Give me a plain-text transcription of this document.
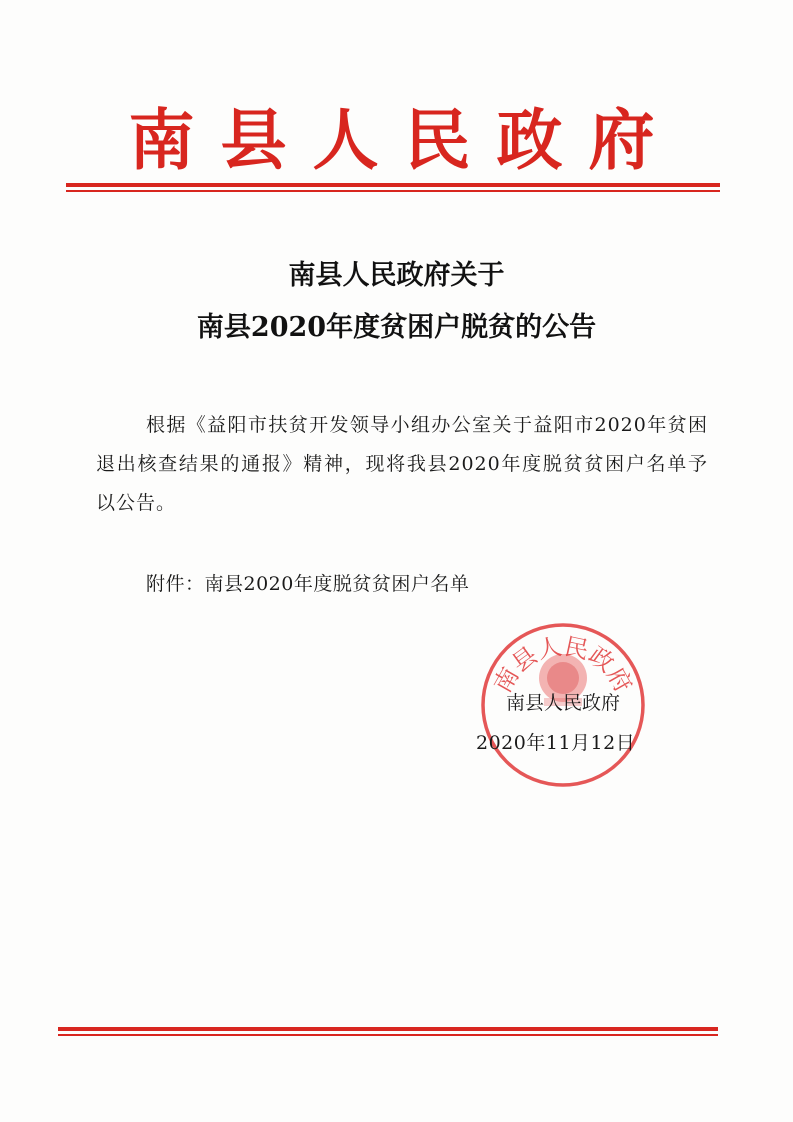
南县人民政府
南县人民政府关于
南县2020年度贫困户脱贫的公告
根据《益阳市扶贫开发领导小组办公室关于益阳市2020年贫困退出核查结果的通报》精神，现将我县2020年度脱贫贫困户名单予以公告。
附件：南县2020年度脱贫贫困户名单
南县人民政府
南县人民政府
2020年11月12日
